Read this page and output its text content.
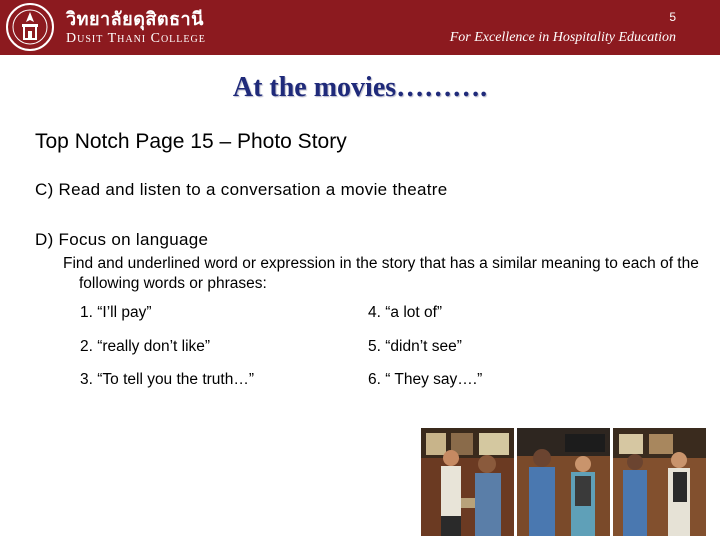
วิทยาลัยดุสิตธานี
Dusit Thani College
5
For Excellence in Hospitality Education
At the movies……….
Top Notch Page 15 – Photo Story
C) Read and listen to a conversation a movie theatre
D) Focus on language
Find and underlined word or expression in the story that has a similar meaning to each of the following words or phrases:
1. “I’ll pay”	4. “a lot of”
2. “really don’t like”	5. “didn’t see”
3. “To tell you the truth…”	6. “ They say….”
